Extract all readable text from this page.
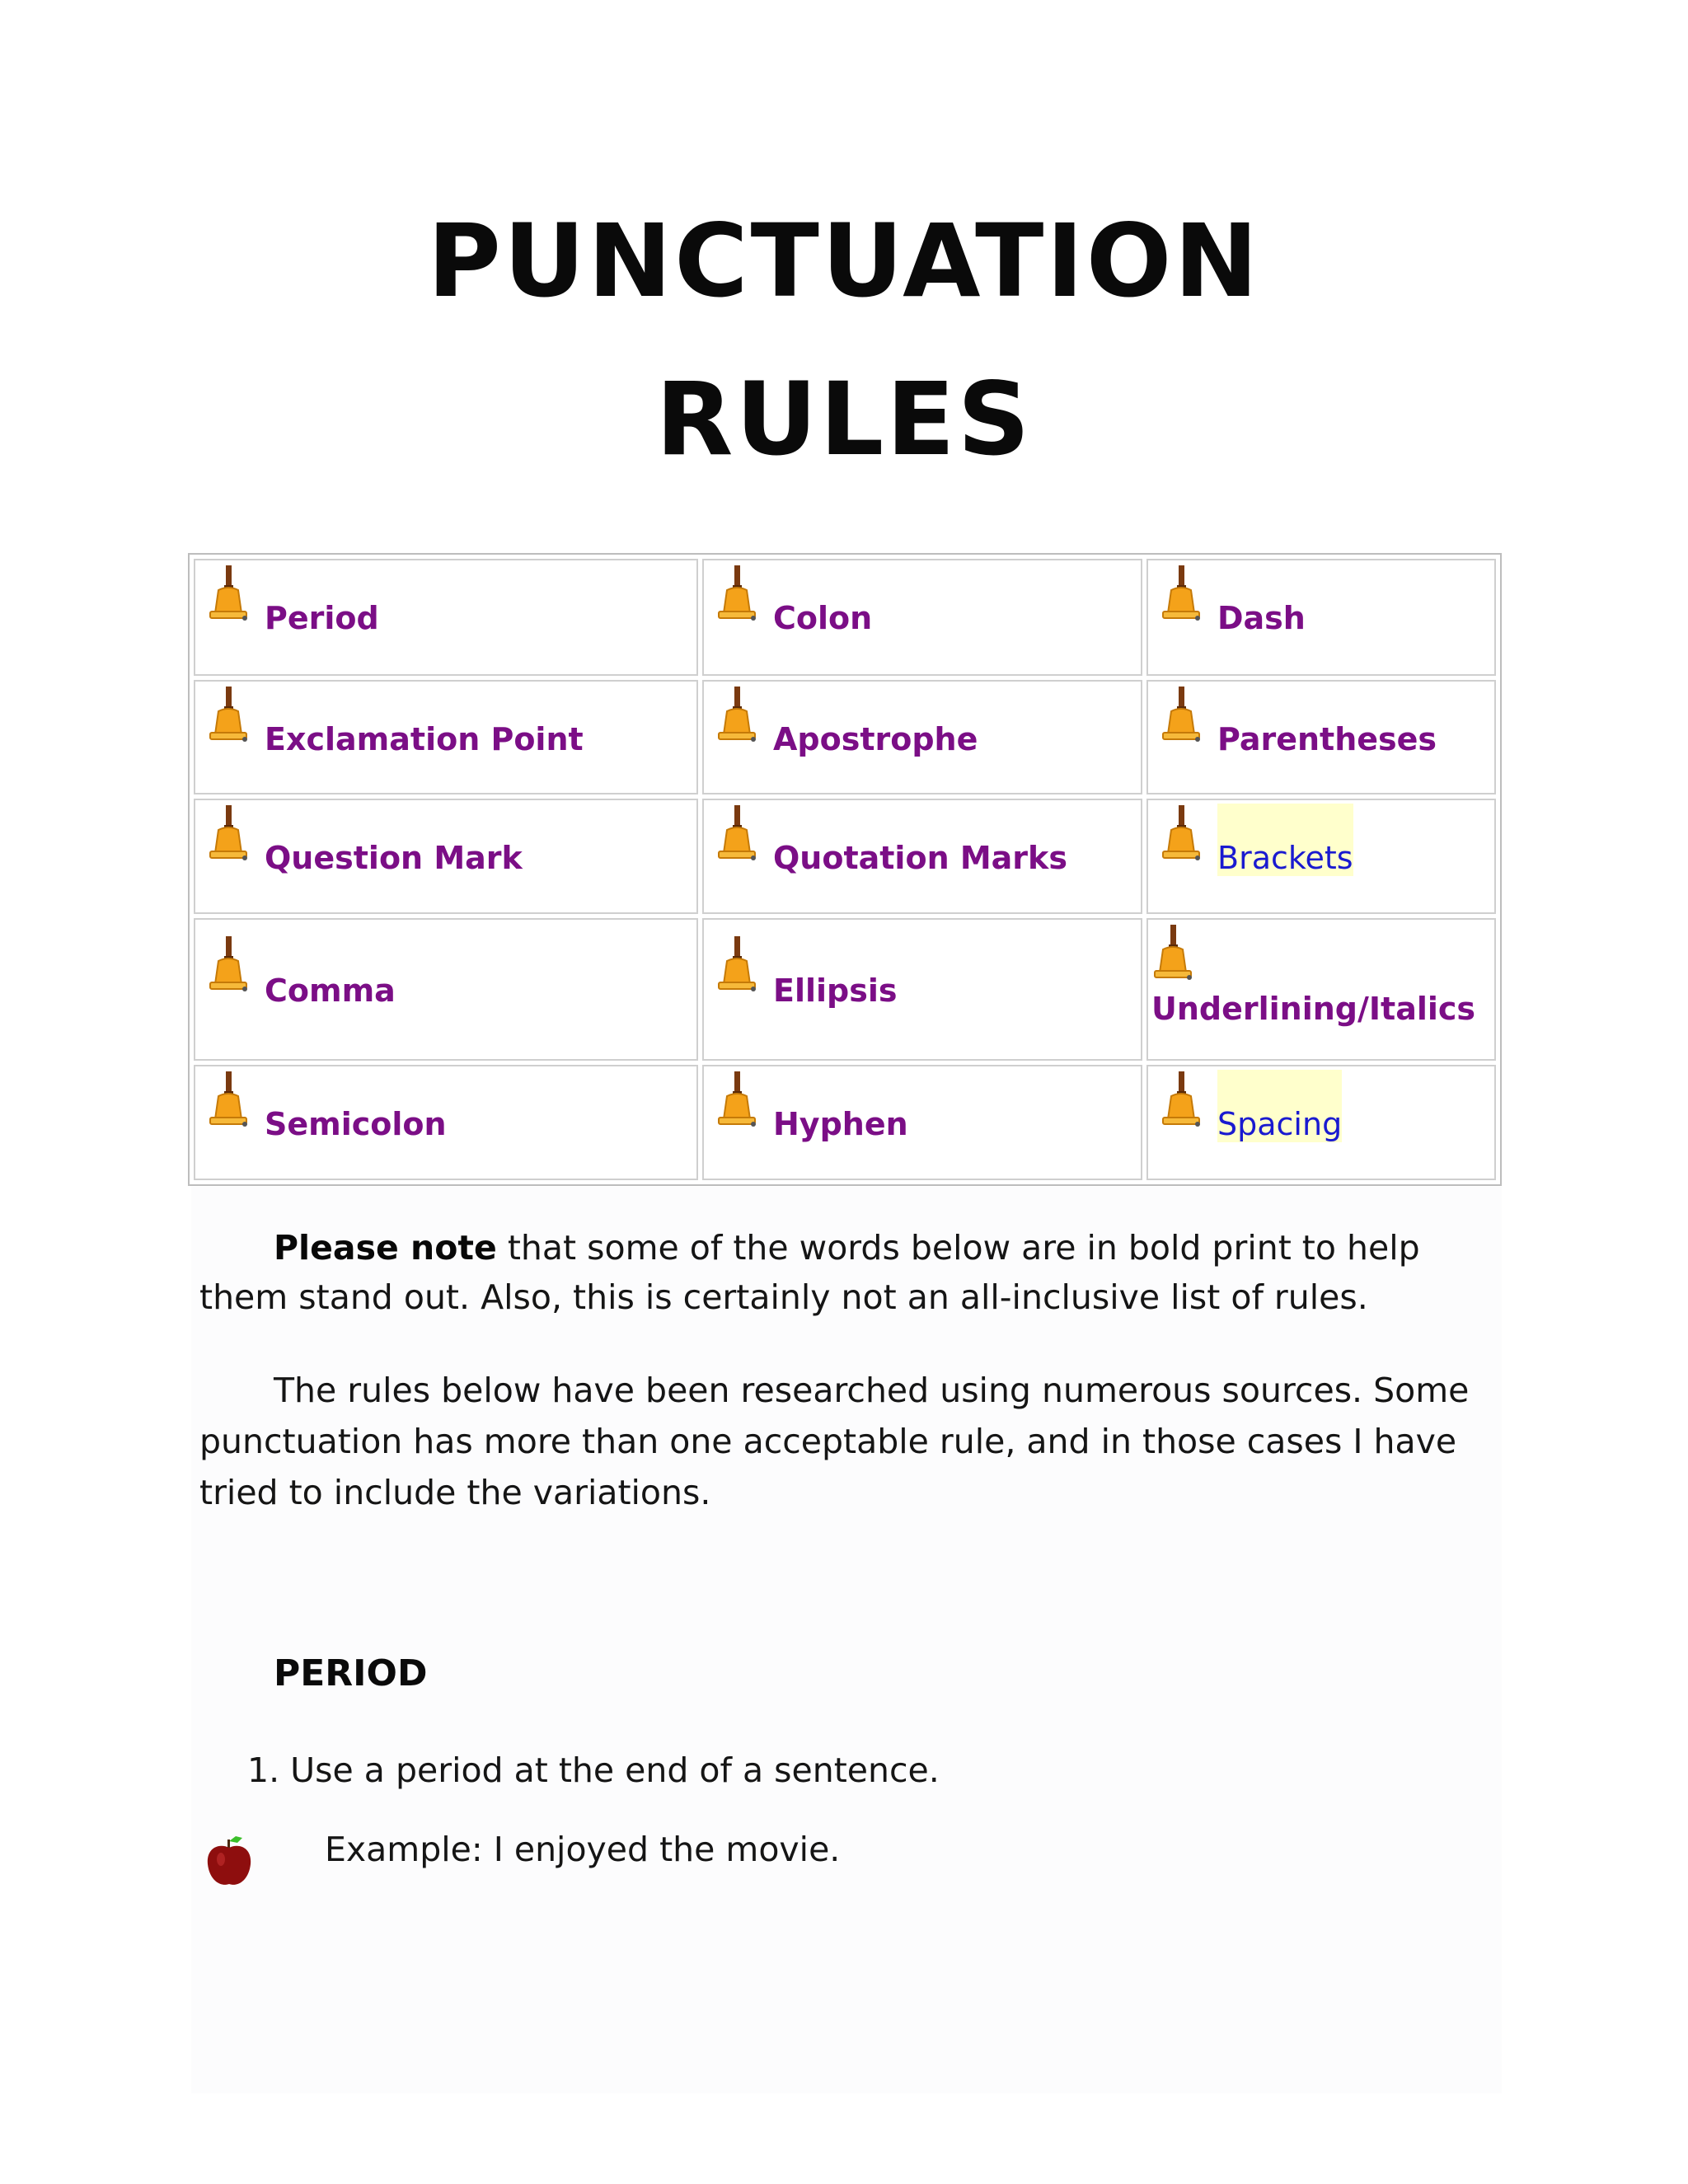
PUNCTUATION
RULES
Period	Colon	Dash

Exclamation Point	Apostrophe	Parentheses

Question Mark	Quotation Marks	Brackets

Comma	Ellipsis	Underlining/Italics

Semicolon	Hyphen	Spacing

Please note that some of the words below are in bold print to help
them stand out. Also, this is certainly not an all-inclusive list of rules.

The rules below have been researched using numerous sources. Some
punctuation has more than one acceptable rule, and in those cases I have
tried to include the variations.

PERIOD

1. Use a period at the end of a sentence.

Example: I enjoyed the movie.
